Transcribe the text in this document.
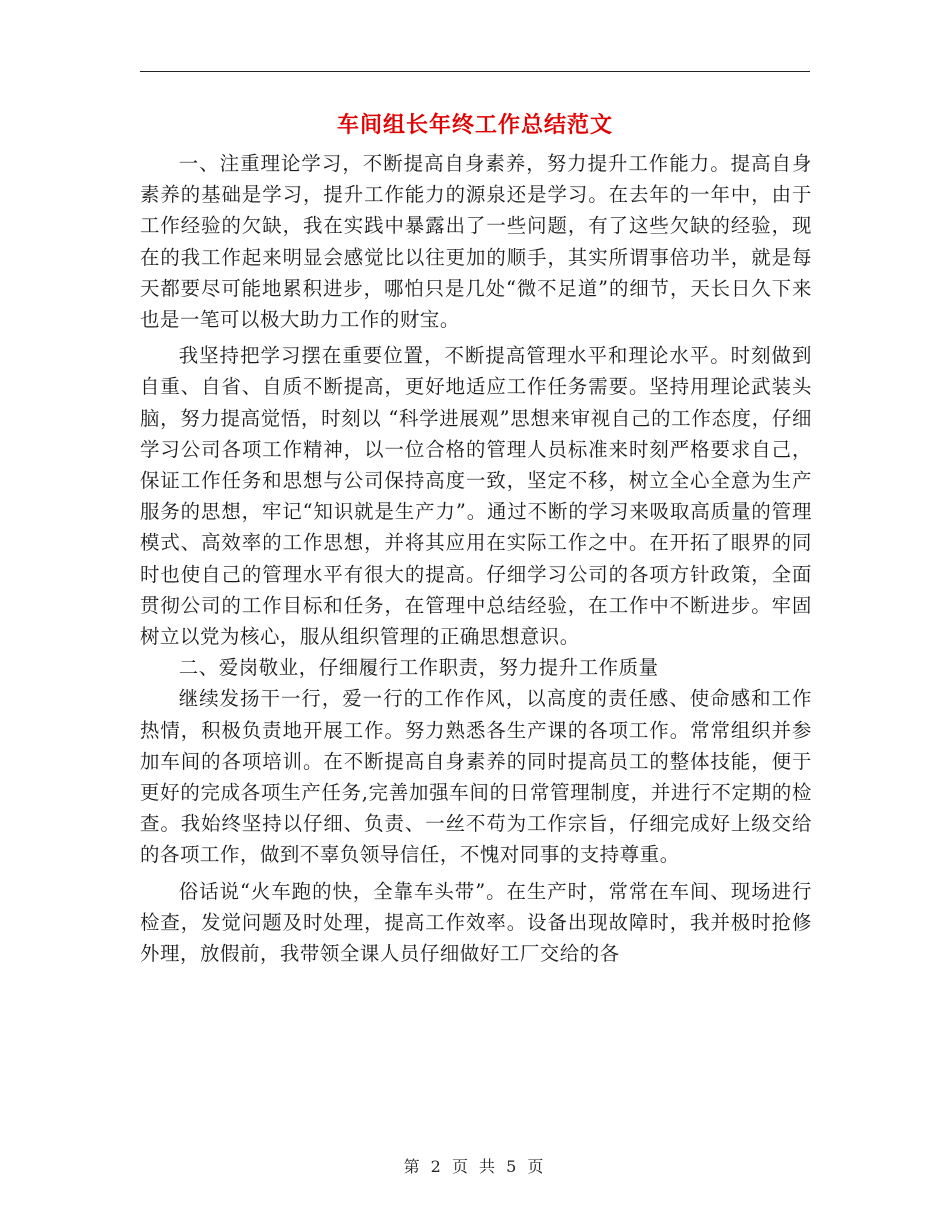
车间组长年终工作总结范文

一、注重理论学习，不断提高自身素养，努力提升工作能力。提高自身素养的基础是学习，提升工作能力的源泉还是学习。在去年的一年中，由于工作经验的欠缺，我在实践中暴露出了一些问题，有了这些欠缺的经验，现在的我工作起来明显会感觉比以往更加的顺手，其实所谓事倍功半，就是每天都要尽可能地累积进步，哪怕只是几处“微不足道”的细节，天长日久下来也是一笔可以极大助力工作的财宝。

我坚持把学习摆在重要位置，不断提高管理水平和理论水平。时刻做到自重、自省、自质不断提高，更好地适应工作任务需要。坚持用理论武装头脑，努力提高觉悟，时刻以 “科学进展观”思想来审视自己的工作态度，仔细学习公司各项工作精神，以一位合格的管理人员标准来时刻严格要求自己，保证工作任务和思想与公司保持高度一致，坚定不移，树立全心全意为生产服务的思想，牢记“知识就是生产力”。通过不断的学习来吸取高质量的管理模式、高效率的工作思想，并将其应用在实际工作之中。在开拓了眼界的同时也使自己的管理水平有很大的提高。仔细学习公司的各项方针政策，全面贯彻公司的工作目标和任务，在管理中总结经验，在工作中不断进步。牢固树立以党为核心，服从组织管理的正确思想意识。

二、爱岗敬业，仔细履行工作职责，努力提升工作质量

继续发扬干一行，爱一行的工作作风，以高度的责任感、使命感和工作热情，积极负责地开展工作。努力熟悉各生产课的各项工作。常常组织并参加车间的各项培训。在不断提高自身素养的同时提高员工的整体技能，便于更好的完成各项生产任务,完善加强车间的日常管理制度，并进行不定期的检查。我始终坚持以仔细、负责、一丝不苟为工作宗旨，仔细完成好上级交给的各项工作，做到不辜负领导信任，不愧对同事的支持尊重。

俗话说“火车跑的快，全靠车头带”。在生产时，常常在车间、现场进行检查，发觉问题及时处理，提高工作效率。设备出现故障时，我并极时抢修外理，放假前，我带领全课人员仔细做好工厂交给的各

第 2 页 共 5 页
